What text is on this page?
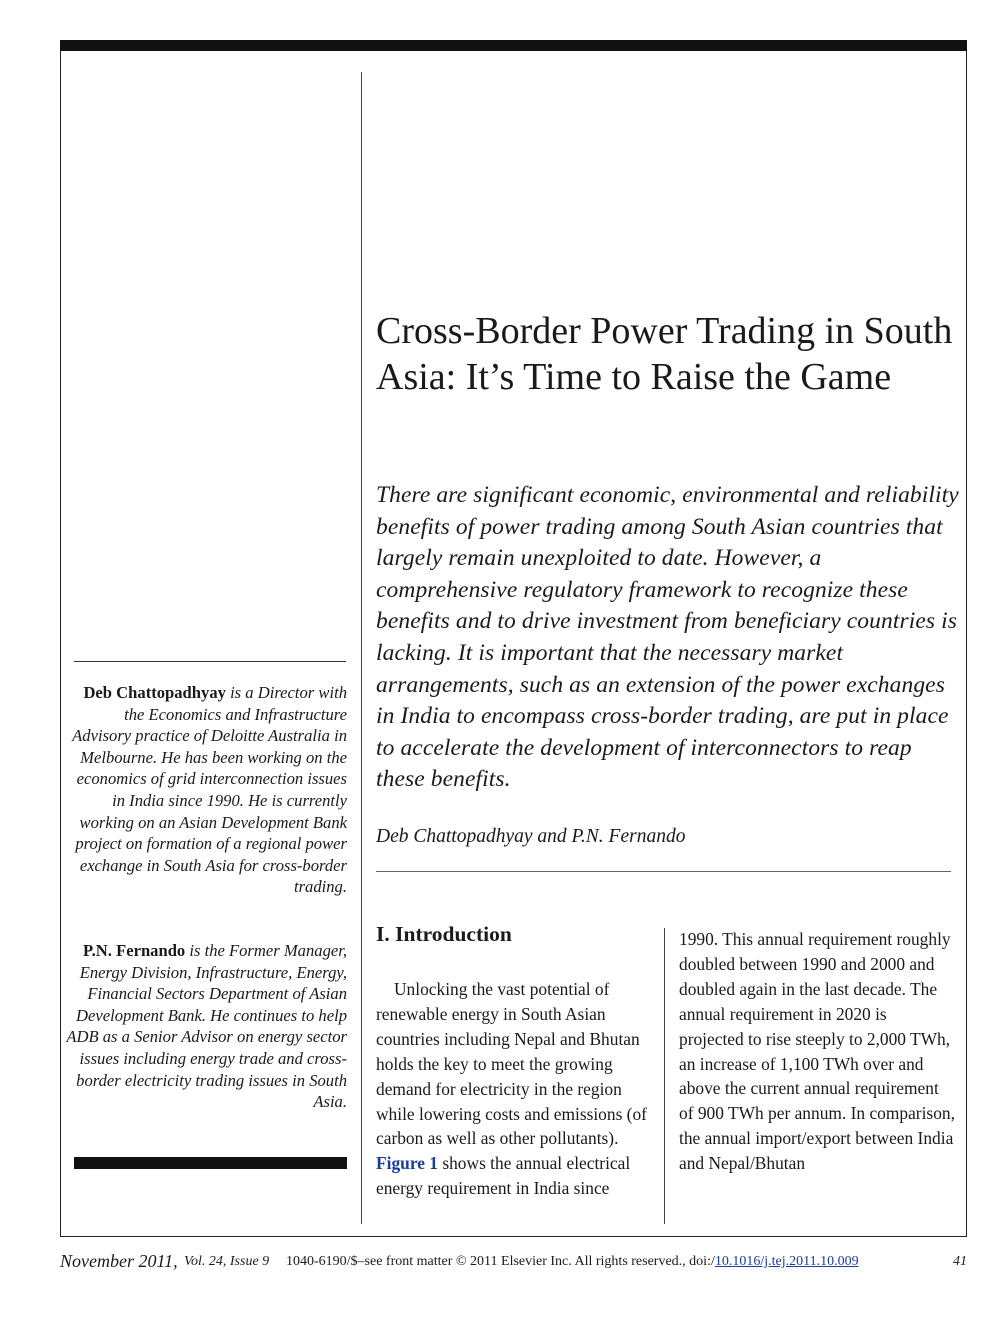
Cross-Border Power Trading in South Asia: It’s Time to Raise the Game

There are significant economic, environmental and reliability benefits of power trading among South Asian countries that largely remain unexploited to date. However, a comprehensive regulatory framework to recognize these benefits and to drive investment from beneficiary countries is lacking. It is important that the necessary market arrangements, such as an extension of the power exchanges in India to encompass cross-border trading, are put in place to accelerate the development of interconnectors to reap these benefits.

Deb Chattopadhyay and P.N. Fernando

Deb Chattopadhyay is a Director with the Economics and Infrastructure Advisory practice of Deloitte Australia in Melbourne. He has been working on the economics of grid interconnection issues in India since 1990. He is currently working on an Asian Development Bank project on formation of a regional power exchange in South Asia for cross-border trading.

P.N. Fernando is the Former Manager, Energy Division, Infrastructure, Energy, Financial Sectors Department of Asian Development Bank. He continues to help ADB as a Senior Advisor on energy sector issues including energy trade and cross-border electricity trading issues in South Asia.

I. Introduction

Unlocking the vast potential of renewable energy in South Asian countries including Nepal and Bhutan holds the key to meet the growing demand for electricity in the region while lowering costs and emissions (of carbon as well as other pollutants). Figure 1 shows the annual electrical energy requirement in India since

1990. This annual requirement roughly doubled between 1990 and 2000 and doubled again in the last decade. The annual requirement in 2020 is projected to rise steeply to 2,000 TWh, an increase of 1,100 TWh over and above the current annual requirement of 900 TWh per annum. In comparison, the annual import/export between India and Nepal/Bhutan

November 2011, Vol. 24, Issue 9 1040-6190/$–see front matter © 2011 Elsevier Inc. All rights reserved., doi:/10.1016/j.tej.2011.10.009	41
